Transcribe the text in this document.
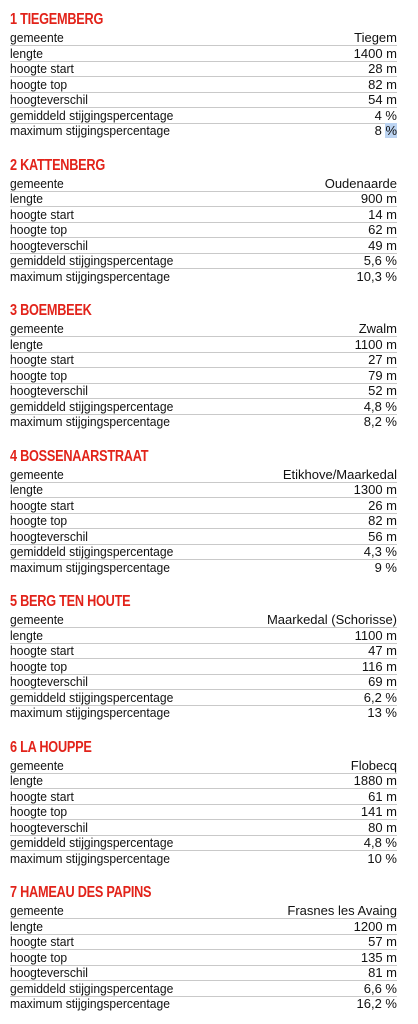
1 TIEGEMBERG
gemeente	Tiegem
lengte	1400 m
hoogte start	28 m
hoogte top	82 m
hoogteverschil	54 m
gemiddeld stijgingspercentage	4 %
maximum stijgingspercentage	8 %
2 KATTENBERG
gemeente	Oudenaarde
lengte	900 m
hoogte start	14 m
hoogte top	62 m
hoogteverschil	49 m
gemiddeld stijgingspercentage	5,6 %
maximum stijgingspercentage	10,3 %
3 BOEMBEEK
gemeente	Zwalm
lengte	1100 m
hoogte start	27 m
hoogte top	79 m
hoogteverschil	52 m
gemiddeld stijgingspercentage	4,8 %
maximum stijgingspercentage	8,2 %
4 BOSSENAARSTRAAT
gemeente	Etikhove/Maarkedal
lengte	1300 m
hoogte start	26 m
hoogte top	82 m
hoogteverschil	56 m
gemiddeld stijgingspercentage	4,3 %
maximum stijgingspercentage	9 %
5 BERG TEN HOUTE
gemeente	Maarkedal (Schorisse)
lengte	1100 m
hoogte start	47 m
hoogte top	116 m
hoogteverschil	69 m
gemiddeld stijgingspercentage	6,2 %
maximum stijgingspercentage	13 %
6 LA HOUPPE
gemeente	Flobecq
lengte	1880 m
hoogte start	61 m
hoogte top	141 m
hoogteverschil	80 m
gemiddeld stijgingspercentage	4,8 %
maximum stijgingspercentage	10 %
7 HAMEAU DES PAPINS
gemeente	Frasnes les Avaing
lengte	1200 m
hoogte start	57 m
hoogte top	135 m
hoogteverschil	81 m
gemiddeld stijgingspercentage	6,6 %
maximum stijgingspercentage	16,2 %
